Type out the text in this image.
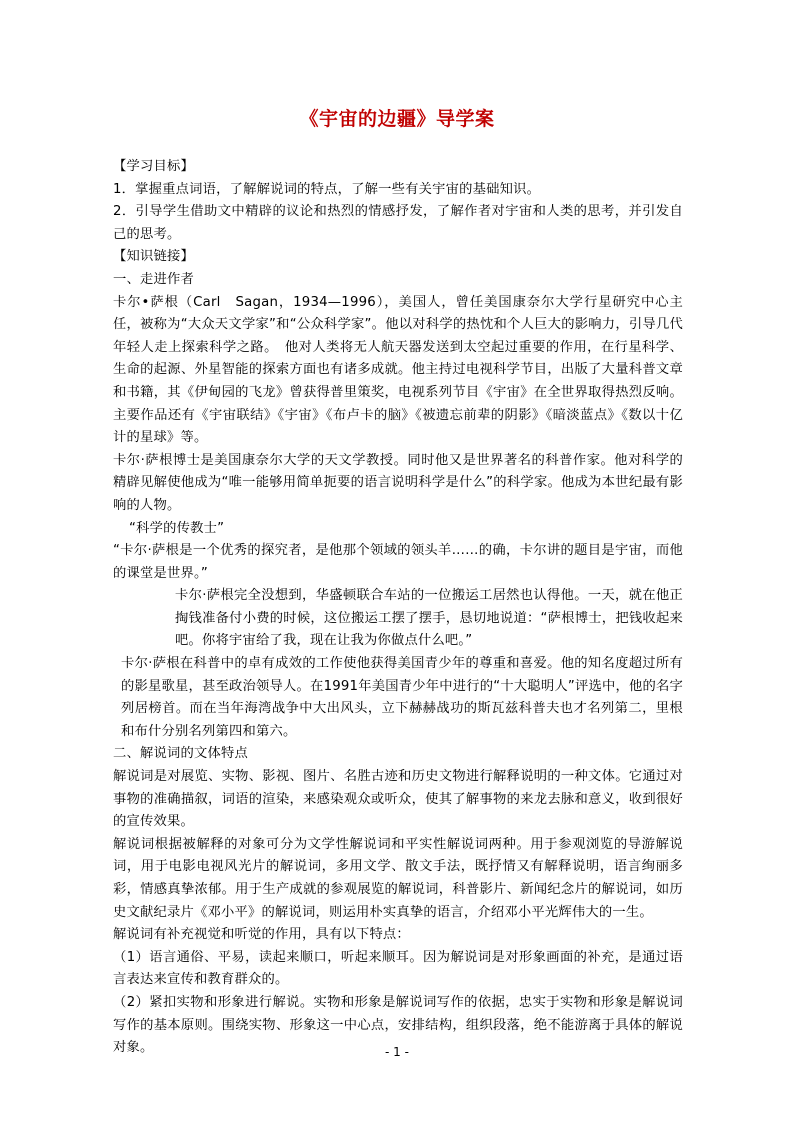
《宇宙的边疆》导学案

【学习目标】

1．掌握重点词语，了解解说词的特点，了解一些有关宇宙的基础知识。

2．引导学生借助文中精辟的议论和热烈的情感抒发，了解作者对宇宙和人类的思考，并引发自己的思考。

【知识链接】

一、走进作者

卡尔•萨根（Carl　Sagan，1934—1996），美国人，曾任美国康奈尔大学行星研究中心主任，被称为“大众天文学家”和“公众科学家”。他以对科学的热忱和个人巨大的影响力，引导几代年轻人走上探索科学之路。　他对人类将无人航天器发送到太空起过重要的作用，在行星科学、生命的起源、外星智能的探索方面也有诸多成就。他主持过电视科学节目，出版了大量科普文章和书籍，其《伊甸园的飞龙》曾获得普里策奖，电视系列节目《宇宙》在全世界取得热烈反响。主要作品还有《宇宙联结》《宇宙》《布卢卡的脑》《被遗忘前辈的阴影》《暗淡蓝点》《数以十亿计的星球》等。

卡尔·萨根博士是美国康奈尔大学的天文学教授。同时他又是世界著名的科普作家。他对科学的精辟见解使他成为“唯一能够用简单扼要的语言说明科学是什么”的科学家。他成为本世纪最有影响的人物。

“科学的传教士”

“卡尔·萨根是一个优秀的探究者，是他那个领域的领头羊……的确，卡尔讲的题目是宇宙，而他的课堂是世界。”

卡尔·萨根完全没想到，华盛顿联合车站的一位搬运工居然也认得他。一天，就在他正掏钱准备付小费的时候，这位搬运工摆了摆手，恳切地说道：“萨根博士，把钱收起来吧。你将宇宙给了我，现在让我为你做点什么吧。”

卡尔·萨根在科普中的卓有成效的工作使他获得美国青少年的尊重和喜爱。他的知名度超过所有的影星歌星，甚至政治领导人。在1991年美国青少年中进行的“十大聪明人”评选中，他的名字列居榜首。而在当年海湾战争中大出风头，立下赫赫战功的斯瓦兹科普夫也才名列第二，里根和布什分别名列第四和第六。

二、解说词的文体特点

解说词是对展览、实物、影视、图片、名胜古迹和历史文物进行解释说明的一种文体。它通过对事物的准确描叙，词语的渲染，来感染观众或听众，使其了解事物的来龙去脉和意义，收到很好的宣传效果。

解说词根据被解释的对象可分为文学性解说词和平实性解说词两种。用于参观浏览的导游解说词，用于电影电视风光片的解说词，多用文学、散文手法，既抒情又有解释说明，语言绚丽多彩，情感真挚浓郁。用于生产成就的参观展览的解说词，科普影片、新闻纪念片的解说词，如历史文献纪录片《邓小平》的解说词，则运用朴实真挚的语言，介绍邓小平光辉伟大的一生。

解说词有补充视觉和听觉的作用，具有以下特点：

（1）语言通俗、平易，读起来顺口，听起来顺耳。因为解说词是对形象画面的补充，是通过语言表达来宣传和教育群众的。

（2）紧扣实物和形象进行解说。实物和形象是解说词写作的依据，忠实于实物和形象是解说词写作的基本原则。围绕实物、形象这一中心点，安排结构，组织段落，绝不能游离于具体的解说对象。	- 1 -
